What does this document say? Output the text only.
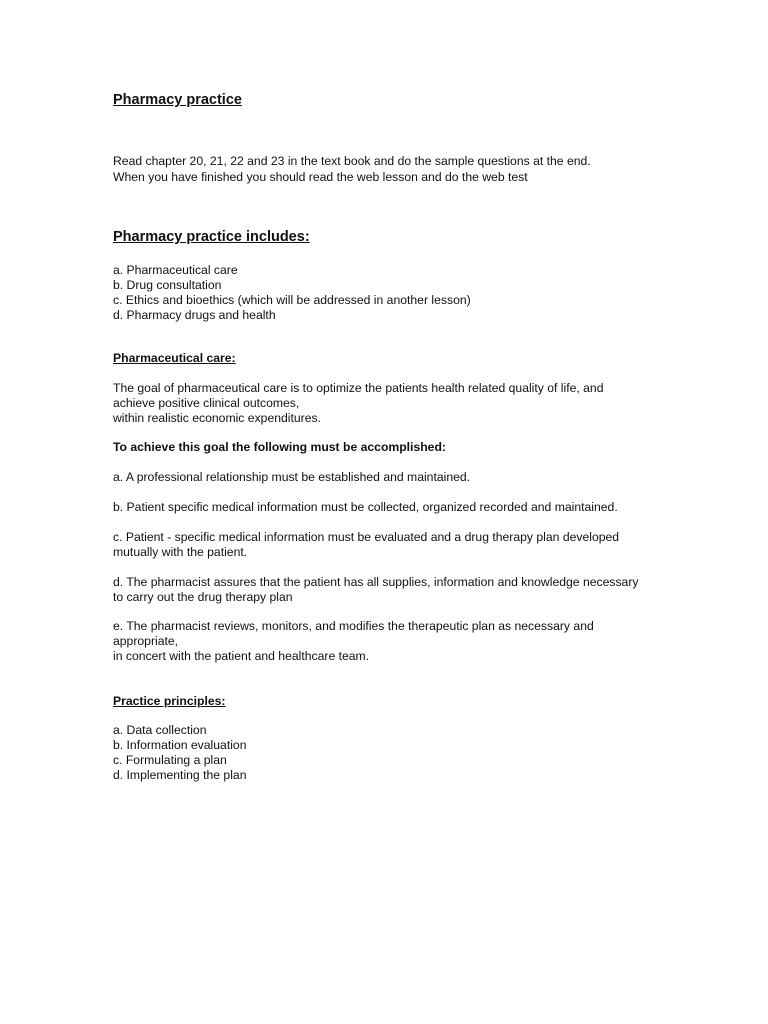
Pharmacy practice
Read chapter 20, 21, 22 and 23 in the text book and do the sample questions at the end.
When you have finished you should read the web lesson and do the web test
Pharmacy practice includes:
a. Pharmaceutical care
b. Drug consultation
c. Ethics and bioethics (which will be addressed in another lesson)
d. Pharmacy drugs and health
Pharmaceutical care:

The goal of pharmaceutical care is to optimize the patients health related quality of life, and
achieve positive clinical outcomes,
within realistic economic expenditures.

To achieve this goal the following must be accomplished:

a. A professional relationship must be established and maintained.

b. Patient specific medical information must be collected, organized recorded and maintained.

c. Patient - specific medical information must be evaluated and a drug therapy plan developed
mutually with the patient.

d. The pharmacist assures that the patient has all supplies, information and knowledge necessary
to carry out the drug therapy plan

e. The pharmacist reviews, monitors, and modifies the therapeutic plan as necessary and
appropriate,
in concert with the patient and healthcare team.

Practice principles:
a. Data collection
b. Information evaluation
c. Formulating a plan
d. Implementing the plan
